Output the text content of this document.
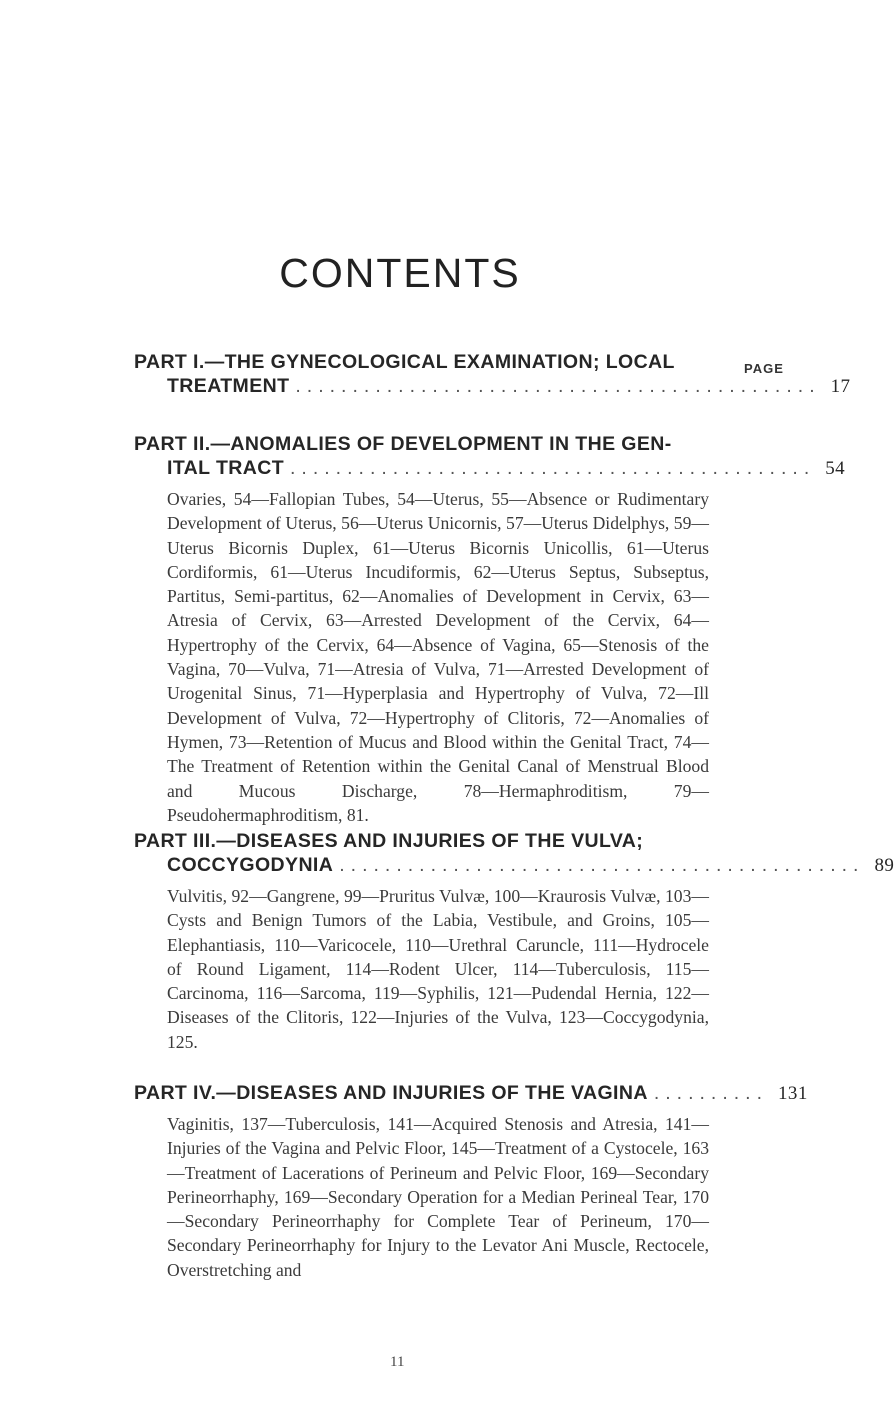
CONTENTS
PAGE
PART I.—THE GYNECOLOGICAL EXAMINATION; LOCAL
TREATMENT .............................................. 17
PART II.—ANOMALIES OF DEVELOPMENT IN THE GEN-
ITAL TRACT .............................................. 54
Ovaries, 54—Fallopian Tubes, 54—Uterus, 55—Absence or Rudimentary Development of Uterus, 56—Uterus Unicornis, 57—Uterus Didelphys, 59—Uterus Bicornis Duplex, 61—Uterus Bicornis Unicollis, 61—Uterus Cordiformis, 61—Uterus Incudiformis, 62—Uterus Septus, Subseptus, Partitus, Semi-partitus, 62—Anomalies of Development in Cervix, 63—Atresia of Cervix, 63—Arrested Development of the Cervix, 64—Hypertrophy of the Cervix, 64—Absence of Vagina, 65—Stenosis of the Vagina, 70—Vulva, 71—Atresia of Vulva, 71—Arrested Development of Urogenital Sinus, 71—Hyperplasia and Hypertrophy of Vulva, 72—Ill Development of Vulva, 72—Hypertrophy of Clitoris, 72—Anomalies of Hymen, 73—Retention of Mucus and Blood within the Genital Tract, 74—The Treatment of Retention within the Genital Canal of Menstrual Blood and Mucous Discharge, 78—Hermaphroditism, 79—Pseudohermaphroditism, 81.
PART III.—DISEASES AND INJURIES OF THE VULVA;
COCCYGODYNIA .............................................. 89
Vulvitis, 92—Gangrene, 99—Pruritus Vulvæ, 100—Kraurosis Vulvæ, 103—Cysts and Benign Tumors of the Labia, Vestibule, and Groins, 105—Elephantiasis, 110—Varicocele, 110—Urethral Caruncle, 111—Hydrocele of Round Ligament, 114—Rodent Ulcer, 114—Tuberculosis, 115—Carcinoma, 116—Sarcoma, 119—Syphilis, 121—Pudendal Hernia, 122—Diseases of the Clitoris, 122—Injuries of the Vulva, 123—Coccygodynia, 125.
PART IV.—DISEASES AND INJURIES OF THE VAGINA .......... 131
Vaginitis, 137—Tuberculosis, 141—Acquired Stenosis and Atresia, 141—Injuries of the Vagina and Pelvic Floor, 145—Treatment of a Cystocele, 163—Treatment of Lacerations of Perineum and Pelvic Floor, 169—Secondary Perineorrhaphy, 169—Secondary Operation for a Median Perineal Tear, 170—Secondary Perineorrhaphy for Complete Tear of Perineum, 170—Secondary Perineorrhaphy for Injury to the Levator Ani Muscle, Rectocele, Overstretching and
11
